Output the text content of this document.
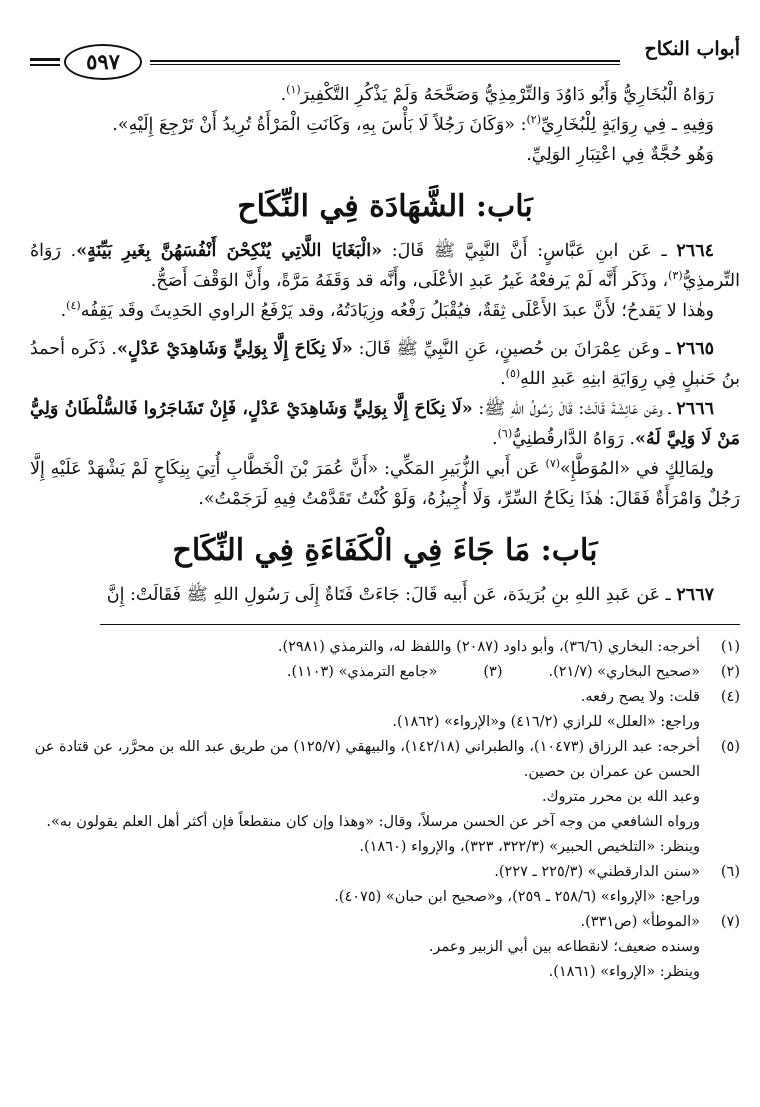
أبواب النكاح
٥٩٧

رَوَاهُ الْبُخَارِيُّ وَأَبُو دَاوُدَ وَالتِّرْمِذِيُّ وَصَحَّحَهُ وَلَمْ يَذْكُرِ التَّكْفِيرَ$^{(١)}$.

وَفِيهِ ـ فِي رِوَايَةٍ لِلْبُخَارِيِّ$^{(٢)}$: «وَكَانَ رَجُلاً لَا بَأْسَ بِهِ، وَكَانَتِ الْمَرْأَةُ تُرِيدُ أَنْ تَرْجِعَ إِلَيْهِ».

وَهُو حُجَّةٌ فِي اعْتِبَارِ الوَلِيِّ.

بَاب: الشَّهَادَة فِي النِّكَاح

٢٦٦٤ ـ عَن ابنِ عَبَّاسٍ: أَنَّ النَّبِيَّ ﷺ قَالَ: «الْبَغَايَا اللَّاتِي يُنْكِحْنَ أَنْفُسَهُنَّ بِغَيرِ بَيِّنَةٍ». رَوَاهُ التِّرمذِيُّ$^{(٣)}$، وذَكَر أَنَّه لَمْ يَرفعْهُ غَيرُ عَبدِ الأعْلَى، وأَنَّه قد وَقَفَهُ مَرَّةً، وأَنَّ الوَقْفَ أَصَحُّ.

وهٰذا لا يَقدحُ؛ لأَنَّ عبدَ الأَعْلَى ثِقَةٌ، فيُقْبَلُ رَفْعُه وزِيَادَتُهُ، وقد يَرْفَعُ الراوي الحَدِيثَ وقَد يَقِفُه$^{(٤)}$.

٢٦٦٥ ـ وعَن عِمْرَانَ بن حُصينٍ، عَنِ النَّبِيِّ ﷺ قَالَ: «لَا نِكَاحَ إِلَّا بِوَلِيٍّ وَشَاهِدَيْ عَدْلٍ». ذَكَره أحمدُ بنُ حَنبلٍ فِي رِوَايَةِ ابنِهِ عَبدِ اللهِ$^{(٥)}$.

٢٦٦٦ ـ وعَن عَائِشَةَ قَالَتْ: قَالَ رَسُولُ اللهِ ﷺ: «لَا نِكَاحَ إِلَّا بِوَلِيٍّ وَشَاهِدَيْ عَدْلٍ، فَإِنْ تَشَاجَرُوا فَالسُّلْطَانُ وَلِيُّ مَنْ لَا وَلِيَّ لَهُ». رَوَاهُ الدَّارقُطنِيُّ$^{(٦)}$.

ولِمَالِكٍ في «المُوَطَّإِ»$^{(٧)}$ عَن أَبي الزُّبَيرِ المَكِّي: «أَنَّ عُمَرَ بْنَ الْخَطَّابِ أُتِيَ بِنِكَاحٍ لَمْ يَشْهَدْ عَلَيْهِ إِلَّا رَجُلٌ وَامْرَأَةٌ فَقَالَ: هٰذَا نِكَاحُ السِّرِّ، وَلَا أُجِيزُهُ، وَلَوْ كُنْتُ تَقَدَّمْتُ فِيهِ لَرَجَمْتُ».

بَاب: مَا جَاءَ فِي الْكَفَاءَةِ فِي النِّكَاح

٢٦٦٧ ـ عَن عَبدِ اللهِ بنِ بُرَيدَة، عَن أَبيه قَالَ: جَاءَتْ فَتَاةٌ إِلَى رَسُولِ اللهِ ﷺ فَقَالَتْ: إِنَّ

(١)
أخرجه: البخاري (٣٦/٦)، وأبو داود (٢٠٨٧) واللفظ له، والترمذي (٢٩٨١).
(٢)
«صحيح البخاري» (٢١/٧).
(٣)
«جامع الترمذي» (١١٠٣).
(٤)
قلت: ولا يصح رفعه.
وراجع: «العلل» للرازي (٤١٦/٢) و«الإرواء» (١٨٦٢).
(٥)
أخرجه: عبد الرزاق (١٠٤٧٣)، والطبراني (١٤٢/١٨)، والبيهقي (١٢٥/٧) من طريق عبد الله بن محرَّر، عن قتادة عن الحسن عن عمران بن حصين.
وعبد الله بن محرر متروك.
ورواه الشافعي من وجه آخر عن الحسن مرسلاً، وقال: «وهذا وإن كان منقطعاً فإن أكثر أهل العلم يقولون به».
وينظر: «التلخيص الحبير» (٣٢٢/٣، ٣٢٣)، والإرواء (١٨٦٠).
(٦)
«سنن الدارقطني» (٢٢٥/٣ ـ ٢٢٧).
وراجع: «الإرواء» (٢٥٨/٦ ـ ٢٥٩)، و«صحيح ابن حبان» (٤٠٧٥).
(٧)
«الموطأ» (ص٣٣١).
وسنده ضعيف؛ لانقطاعه بين أبي الزبير وعمر.
وينظر: «الإرواء» (١٨٦١).
